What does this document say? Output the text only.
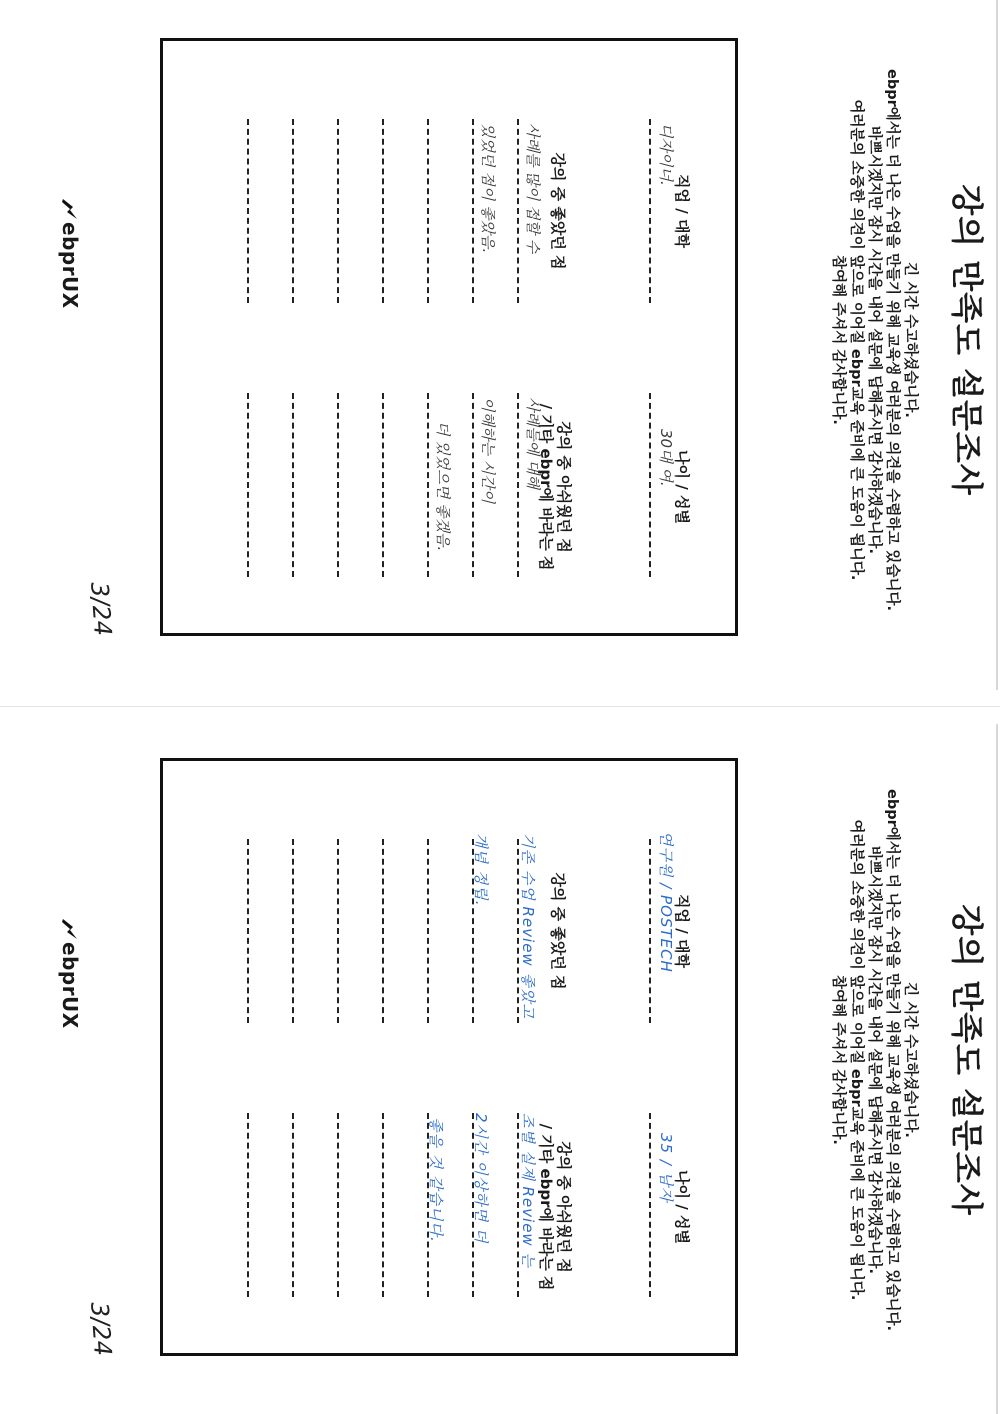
강의 만족도 설문조사
긴 시간 수고하셨습니다.
ebpr에서는 더 나은 수업을 만들기 위해 교육생 여러분의 의견을 수렴하고 있습니다.
바쁘시겠지만 잠시 시간을 내어 설문에 답해주시면 감사하겠습니다.
여러분의 소중한 의견이 앞으로 이어질 ebpr교육 준비에 큰 도움이 됩니다.
참여해 주셔서 감사합니다.
직업 / 대학
나이 / 성별
디자이너.
30대 여.
강의 중 좋았던 점
강의 중 아쉬웠던 점
/ 기타 ebpr에 바라는 점
사례를 많이 접할 수
있었던 점이 좋았음.
사례들에 대해
이해하는 시간이
더 있었으면 좋겠음.
3/24
ebprUX
강의 만족도 설문조사
긴 시간 수고하셨습니다.
ebpr에서는 더 나은 수업을 만들기 위해 교육생 여러분의 의견을 수렴하고 있습니다.
바쁘시겠지만 잠시 시간을 내어 설문에 답해주시면 감사하겠습니다.
여러분의 소중한 의견이 앞으로 이어질 ebpr교육 준비에 큰 도움이 됩니다.
참여해 주셔서 감사합니다.
직업 / 대학
나이 / 성별
연구원 / POSTECH
35 / 남자
강의 중 좋았던 점
강의 중 아쉬웠던 점
/ 기타 ebpr에 바라는 점
기존 수업 Review 좋았고
개념 정립.
조별 실제 Review 는
2시간 이상하면 더
좋을 것 같습니다.
3/24
ebprUX
